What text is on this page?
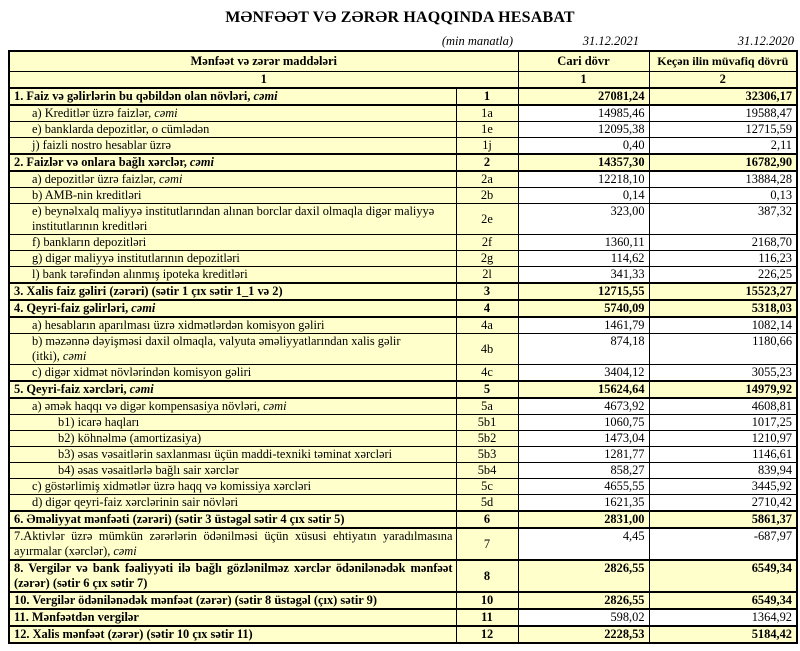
MƏNFƏƏT VƏ ZƏRƏR HAQQINDA HESABAT
(min manatla)	31.12.2021	31.12.2020
Mənfəət və zərər maddələri		Cari dövr	Keçən ilin müvafiq dövrü
1		1	2
1. Faiz və gəlirlərin bu qəbildən olan növləri, cəmi	1	27081,24	32306,17
a) Kreditlər üzrə faizlər, cəmi	1a	14985,46	19588,47
e) banklarda depozitlər, o cümlədən	1e	12095,38	12715,59
j) faizli nostro hesablar üzrə	1j	0,40	2,11
2. Faizlər və onlara bağlı xərclər, cəmi	2	14357,30	16782,90
a) depozitlər üzrə faizlər, cəmi	2a	12218,10	13884,28
b) AMB-nin kreditləri	2b	0,14	0,13
e) beynəlxalq maliyyə institutlarından alınan borclar daxil olmaqla digər maliyyə institutlarının kreditləri	2e	323,00	387,32
f) bankların depozitləri	2f	1360,11	2168,70
g) digər maliyyə institutlarının depozitləri	2g	114,62	116,23
l) bank tərəfindən alınmış ipoteka kreditləri	2l	341,33	226,25
3. Xalis faiz gəliri (zərəri) (sətir 1 çıx sətir 1_1 və 2)	3	12715,55	15523,27
4. Qeyri-faiz gəlirləri, cəmi	4	5740,09	5318,03
a) hesabların aparılması üzrə xidmətlərdən komisyon gəliri	4a	1461,79	1082,14
b) məzənnə dəyişməsi daxil olmaqla, valyuta əməliyyatlarından xalis gəlir (itki), cəmi	4b	874,18	1180,66
c) digər xidmət növlərindən komisyon gəliri	4c	3404,12	3055,23
5. Qeyri-faiz xərcləri, cəmi	5	15624,64	14979,92
a) əmək haqqı və digər kompensasiya növləri, cəmi	5a	4673,92	4608,81
b1) icarə haqları	5b1	1060,75	1017,25
b2) köhnəlmə (amortizasiya)	5b2	1473,04	1210,97
b3) əsas vəsaitlərin saxlanması üçün maddi-texniki təminat xərcləri	5b3	1281,77	1146,61
b4) əsas vəsaitlərlə bağlı sair xərclər	5b4	858,27	839,94
c) göstərlimiş xidmətlər üzrə haqq və komissiya xərcləri	5c	4655,55	3445,92
d) digər qeyri-faiz xərclərinin sair növləri	5d	1621,35	2710,42
6. Əməliyyat mənfəəti (zərəri) (sətir 3 üstəgəl sətir 4 çıx sətir 5)	6	2831,00	5861,37
7.Aktivlər üzrə mümkün zərərlərin ödənilməsi üçün xüsusi ehtiyatın yaradılmasına ayırmalar (xərclər), cəmi	7	4,45	-687,97
8. Vergilər və bank fəaliyyəti ilə bağlı gözlənilməz xərclər ödənilənədək mənfəət (zərər) (sətir 6 çıx sətir 7)	8	2826,55	6549,34
10. Vergilər ödənilənədək mənfəət (zərər) (sətir 8 üstəgəl (çıx) sətir 9)	10	2826,55	6549,34
11. Mənfəətdən vergilər	11	598,02	1364,92
12. Xalis mənfəət (zərər) (sətir 10 çıx sətir 11)	12	2228,53	5184,42
